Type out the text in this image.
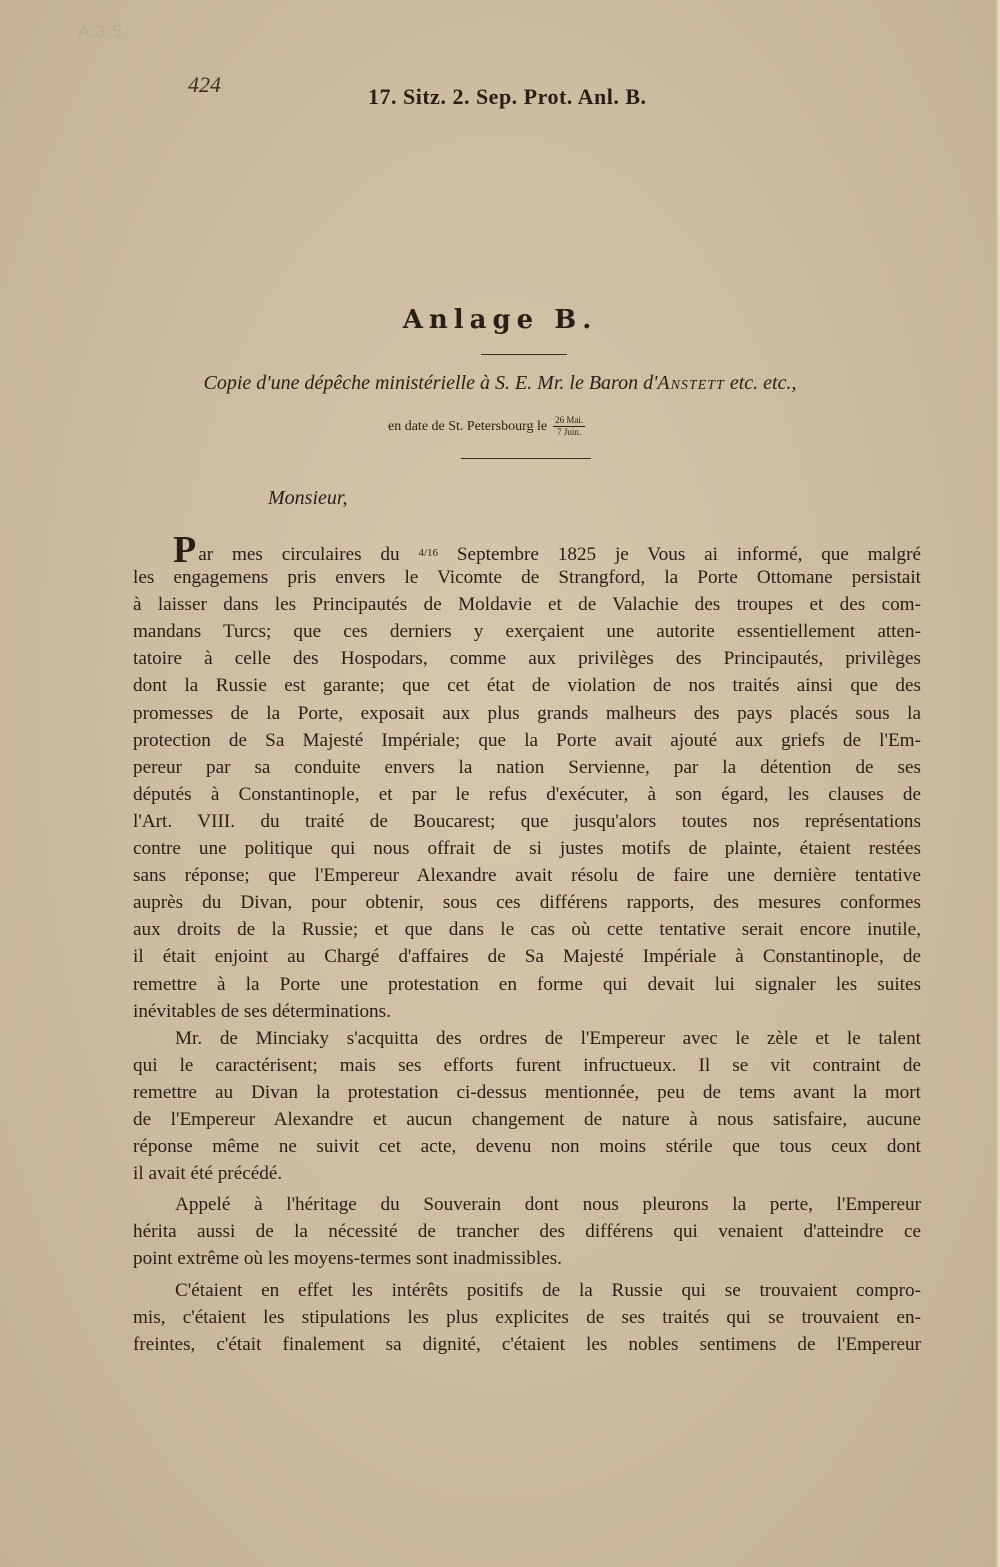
A.3.5
424	17. Sitz. 2. Sep. Prot. Anl. B.
Anlage B.
Copie d'une dépêche ministérielle à S. E. Mr. le Baron d'Anstett etc. etc.,
en date de St. Petersbourg le $\frac{\text{26 Mai.}}{\text{7 Juin.}}$
Monsieur,
Par mes circulaires du $^{4/16}$ Septembre 1825 je Vous ai informé, que malgré
les engagemens pris envers le Vicomte de Strangford, la Porte Ottomane persistait
à laisser dans les Principautés de Moldavie et de Valachie des troupes et des com-
mandans Turcs; que ces derniers y exerçaient une autorite essentiellement atten-
tatoire à celle des Hospodars, comme aux privilèges des Principautés, privilèges
dont la Russie est garante; que cet état de violation de nos traités ainsi que des
promesses de la Porte, exposait aux plus grands malheurs des pays placés sous la
protection de Sa Majesté Impériale; que la Porte avait ajouté aux griefs de l'Em-
pereur par sa conduite envers la nation Servienne, par la détention de ses
députés à Constantinople, et par le refus d'exécuter, à son égard, les clauses de
l'Art. VIII. du traité de Boucarest; que jusqu'alors toutes nos représentations
contre une politique qui nous offrait de si justes motifs de plainte, étaient restées
sans réponse; que l'Empereur Alexandre avait résolu de faire une dernière tentative
auprès du Divan, pour obtenir, sous ces différens rapports, des mesures conformes
aux droits de la Russie; et que dans le cas où cette tentative serait encore inutile,
il était enjoint au Chargé d'affaires de Sa Majesté Impériale à Constantinople, de
remettre à la Porte une protestation en forme qui devait lui signaler les suites
inévitables de ses déterminations.
Mr. de Minciaky s'acquitta des ordres de l'Empereur avec le zèle et le talent
qui le caractérisent; mais ses efforts furent infructueux. Il se vit contraint de
remettre au Divan la protestation ci-dessus mentionnée, peu de tems avant la mort
de l'Empereur Alexandre et aucun changement de nature à nous satisfaire, aucune
réponse même ne suivit cet acte, devenu non moins stérile que tous ceux dont
il avait été précédé.
Appelé à l'héritage du Souverain dont nous pleurons la perte, l'Empereur
hérita aussi de la nécessité de trancher des différens qui venaient d'atteindre ce
point extrême où les moyens-termes sont inadmissibles.
C'étaient en effet les intérêts positifs de la Russie qui se trouvaient compro-
mis, c'étaient les stipulations les plus explicites de ses traités qui se trouvaient en-
freintes, c'était finalement sa dignité, c'étaient les nobles sentimens de l'Empereur
